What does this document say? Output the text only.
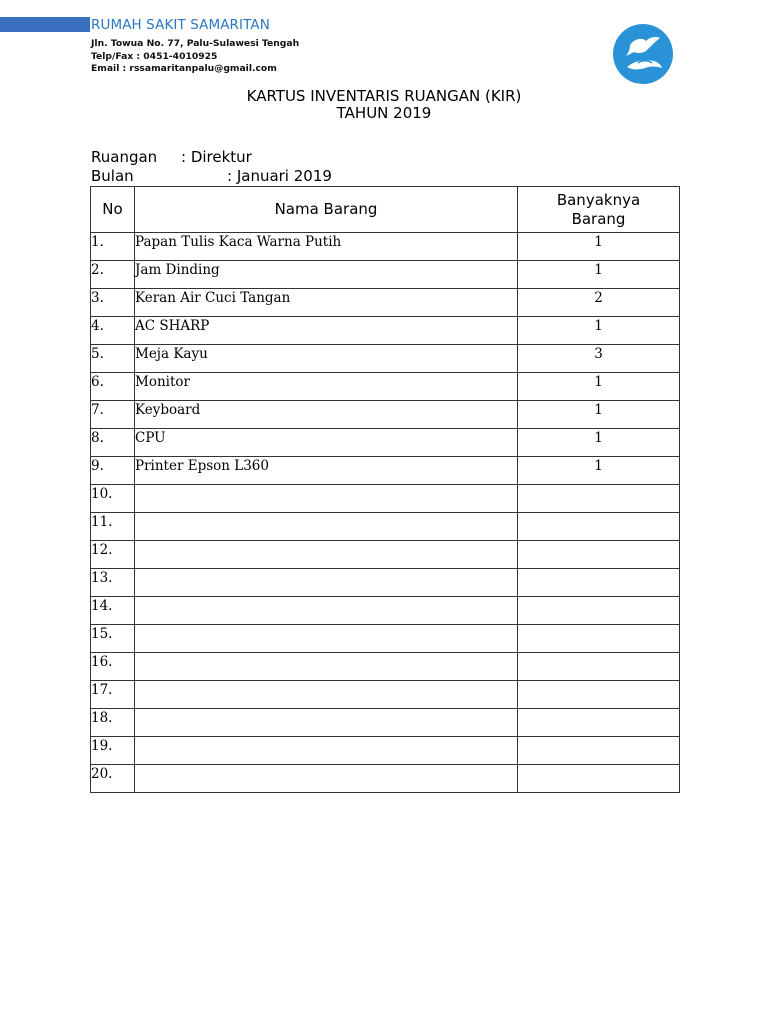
RUMAH SAKIT SAMARITAN
Jln. Towua No. 77, Palu-Sulawesi Tengah
Telp/Fax : 0451-4010925
Email : rssamaritanpalu@gmail.com
KARTUS INVENTARIS RUANGAN (KIR)
TAHUN 2019
Ruangan : Direktur
Bulan	: Januari 2019
No	Nama Barang	Banyaknya
Barang
1.	Papan Tulis Kaca Warna Putih	1
2.	Jam Dinding	1
3.	Keran Air Cuci Tangan	2
4.	AC SHARP	1
5.	Meja Kayu	3
6.	Monitor	1
7.	Keyboard	1
8.	CPU	1
9.	Printer Epson L360	1
10.		
11.		
12.		
13.		
14.		
15.		
16.		
17.		
18.		
19.		
20.		
